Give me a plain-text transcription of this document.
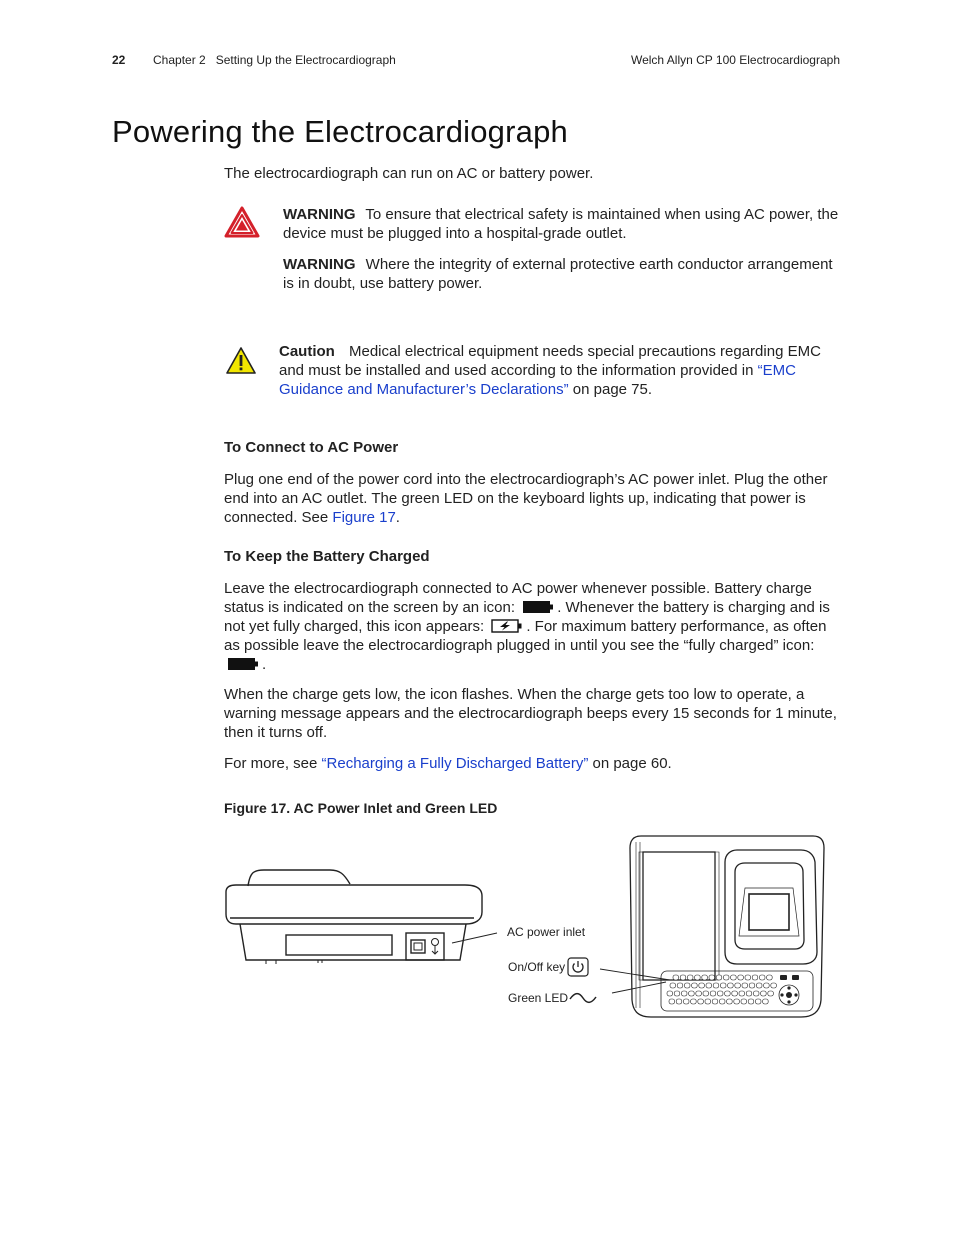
22 Chapter 2   Setting Up the Electrocardiograph	Welch Allyn CP 100 Electrocardiograph
Powering the Electrocardiograph

The electrocardiograph can run on AC or battery power.

WARNING To ensure that electrical safety is maintained when using AC power, the device must be plugged into a hospital-grade outlet.

WARNING Where the integrity of external protective earth conductor arrangement is in doubt, use battery power.

Caution Medical electrical equipment needs special precautions regarding EMC and must be installed and used according to the information provided in “EMC Guidance and Manufacturer’s Declarations” on page 75.

To Connect to AC Power

Plug one end of the power cord into the electrocardiograph’s AC power inlet. Plug the other end into an AC outlet. The green LED on the keyboard lights up, indicating that power is connected. See Figure 17.

To Keep the Battery Charged

Leave the electrocardiograph connected to AC power whenever possible. Battery charge status is indicated on the screen by an icon:	. Whenever the battery is charging and is not yet fully charged, this icon appears:	. For maximum battery performance, as often as possible leave the electrocardiograph plugged in until you see the “fully charged” icon: .

When the charge gets low, the icon flashes. When the charge gets too low to operate, a warning message appears and the electrocardiograph beeps every 15 seconds for 1 minute, then it turns off.

For more, see “Recharging a Fully Discharged Battery” on page 60.

Figure 17. AC Power Inlet and Green LED

AC power inlet
On/Off key
Green LED
